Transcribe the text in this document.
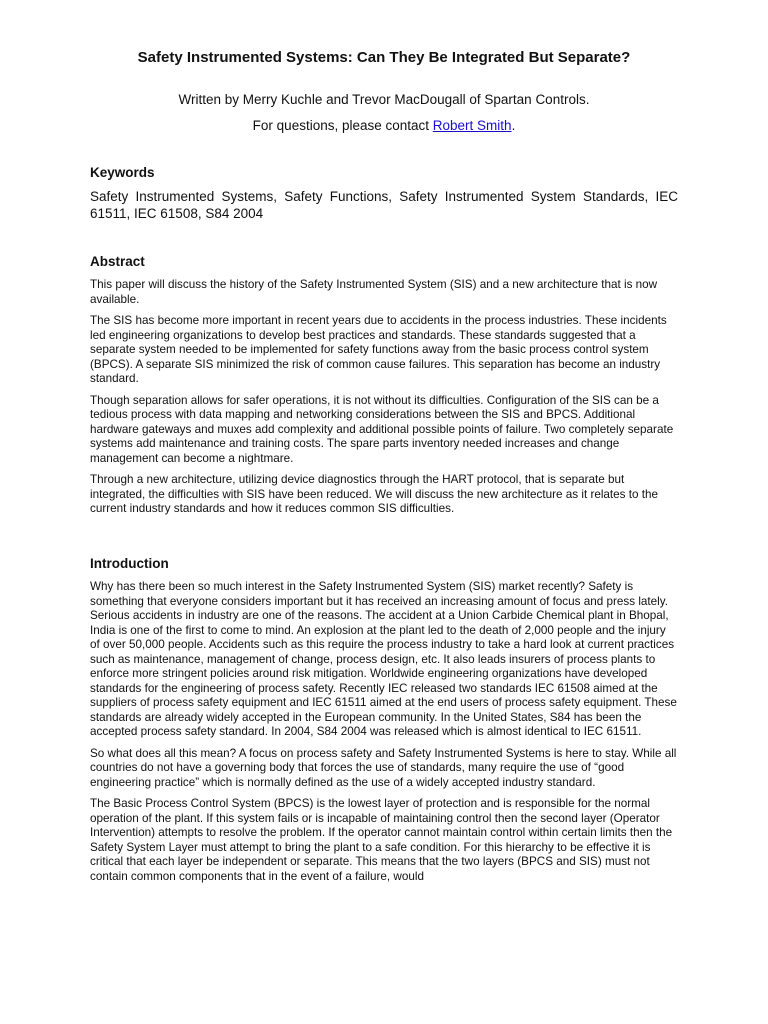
Safety Instrumented Systems: Can They Be Integrated But Separate?

Written by Merry Kuchle and Trevor MacDougall of Spartan Controls.

For questions, please contact Robert Smith.

Keywords

Safety Instrumented Systems, Safety Functions, Safety Instrumented System Standards, IEC 61511, IEC 61508, S84 2004

Abstract

This paper will discuss the history of the Safety Instrumented System (SIS) and a new architecture that is now available.

The SIS has become more important in recent years due to accidents in the process industries. These incidents led engineering organizations to develop best practices and standards. These standards suggested that a separate system needed to be implemented for safety functions away from the basic process control system (BPCS). A separate SIS minimized the risk of common cause failures. This separation has become an industry standard.

Though separation allows for safer operations, it is not without its difficulties. Configuration of the SIS can be a tedious process with data mapping and networking considerations between the SIS and BPCS. Additional hardware gateways and muxes add complexity and additional possible points of failure. Two completely separate systems add maintenance and training costs. The spare parts inventory needed increases and change management can become a nightmare.

Through a new architecture, utilizing device diagnostics through the HART protocol, that is separate but integrated, the difficulties with SIS have been reduced. We will discuss the new architecture as it relates to the current industry standards and how it reduces common SIS difficulties.

Introduction

Why has there been so much interest in the Safety Instrumented System (SIS) market recently? Safety is something that everyone considers important but it has received an increasing amount of focus and press lately. Serious accidents in industry are one of the reasons. The accident at a Union Carbide Chemical plant in Bhopal, India is one of the first to come to mind. An explosion at the plant led to the death of 2,000 people and the injury of over 50,000 people. Accidents such as this require the process industry to take a hard look at current practices such as maintenance, management of change, process design, etc. It also leads insurers of process plants to enforce more stringent policies around risk mitigation. Worldwide engineering organizations have developed standards for the engineering of process safety. Recently IEC released two standards IEC 61508 aimed at the suppliers of process safety equipment and IEC 61511 aimed at the end users of process safety equipment. These standards are already widely accepted in the European community. In the United States, S84 has been the accepted process safety standard. In 2004, S84 2004 was released which is almost identical to IEC 61511.

So what does all this mean? A focus on process safety and Safety Instrumented Systems is here to stay. While all countries do not have a governing body that forces the use of standards, many require the use of “good engineering practice” which is normally defined as the use of a widely accepted industry standard.

The Basic Process Control System (BPCS) is the lowest layer of protection and is responsible for the normal operation of the plant. If this system fails or is incapable of maintaining control then the second layer (Operator Intervention) attempts to resolve the problem. If the operator cannot maintain control within certain limits then the Safety System Layer must attempt to bring the plant to a safe condition. For this hierarchy to be effective it is critical that each layer be independent or separate. This means that the two layers (BPCS and SIS) must not contain common components that in the event of a failure, would
